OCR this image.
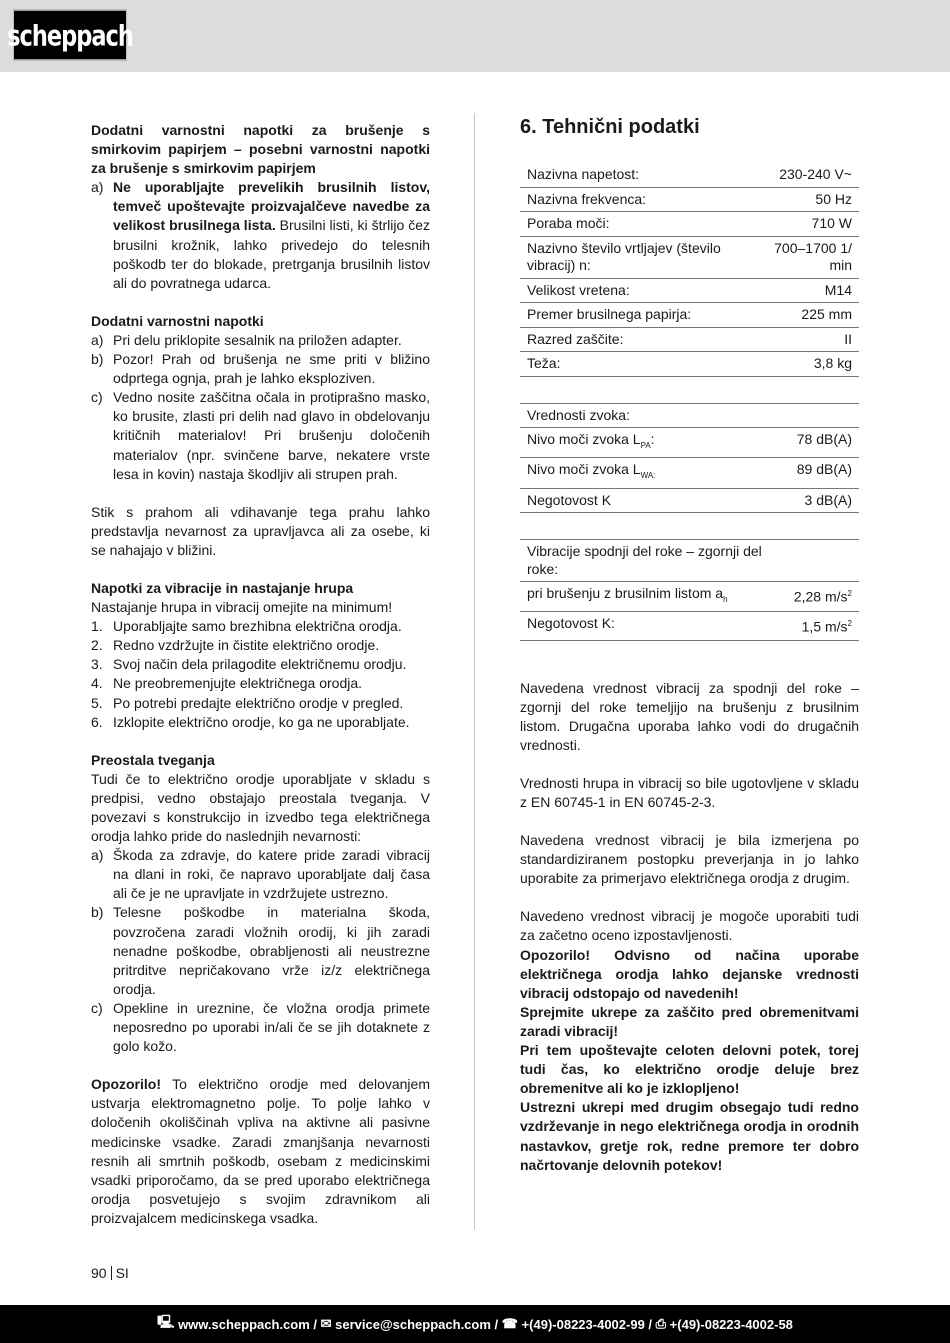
scheppach

Dodatni varnostni napotki za brušenje s smirkovim papirjem – posebni varnostni napotki za brušenje s smirkovim papirjem

a) Ne uporabljajte prevelikih brusilnih listov, temveč upoštevajte proizvajalčeve navedbe za velikost brusilnega lista. Brusilni listi, ki štrlijo čez brusilni krožnik, lahko privedejo do telesnih poškodb ter do blokade, pretrganja brusilnih listov ali do povratnega udarca.

Dodatni varnostni napotki

a) Pri delu priklopite sesalnik na priložen adapter.
b) Pozor! Prah od brušenja ne sme priti v bližino odprtega ognja, prah je lahko eksploziven.
c) Vedno nosite zaščitna očala in protiprašno masko, ko brusite, zlasti pri delih nad glavo in obdelovanju kritičnih materialov! Pri brušenju določenih materialov (npr. svinčene barve, nekatere vrste lesa in kovin) nastaja škodljiv ali strupen prah.

Stik s prahom ali vdihavanje tega prahu lahko predstavlja nevarnost za upravljavca ali za osebe, ki se nahajajo v bližini.

Napotki za vibracije in nastajanje hrupa

Nastajanje hrupa in vibracij omejite na minimum!

1. Uporabljajte samo brezhibna električna orodja.
2. Redno vzdržujte in čistite električno orodje.
3. Svoj način dela prilagodite električnemu orodju.
4. Ne preobremenjujte električnega orodja.
5. Po potrebi predajte električno orodje v pregled.
6. Izklopite električno orodje, ko ga ne uporabljate.

Preostala tveganja

Tudi če to električno orodje uporabljate v skladu s predpisi, vedno obstajajo preostala tveganja. V povezavi s konstrukcijo in izvedbo tega električnega orodja lahko pride do naslednjih nevarnosti:

a) Škoda za zdravje, do katere pride zaradi vibracij na dlani in roki, če napravo uporabljate dalj časa ali če je ne upravljate in vzdržujete ustrezno.
b) Telesne poškodbe in materialna škoda, povzročena zaradi vložnih orodij, ki jih zaradi nenadne poškodbe, obrabljenosti ali neustrezne pritrditve nepričakovano vrže iz/z električnega orodja.
c) Opekline in ureznine, če vložna orodja primete neposredno po uporabi in/ali če se jih dotaknete z golo kožo.

Opozorilo! To električno orodje med delovanjem ustvarja elektromagnetno polje. To polje lahko v določenih okoliščinah vpliva na aktivne ali pasivne medicinske vsadke. Zaradi zmanjšanja nevarnosti resnih ali smrtnih poškodb, osebam z medicinskimi vsadki priporočamo, da se pred uporabo električnega orodja posvetujejo s svojim zdravnikom ali proizvajalcem medicinskega vsadka.

6. Tehnični podatki
Nazivna napetost:	230-240 V~
Nazivna frekvenca:	50 Hz
Poraba moči:	710 W
Nazivno število vrtljajev (število vibracij) n:	700–1700 1/ min
Velikost vretena:	M14
Premer brusilnega papirja:	225 mm
Razred zaščite:	II
Teža:	3,8 kg
Vrednosti zvoka:	
Nivo moči zvoka $L_{PA}$:	78 dB(A)
Nivo moči zvoka $L_{WA:}$	89 dB(A)
Negotovost K	3 dB(A)
Vibracije spodnji del roke – zgornji del roke:	
pri brušenju z brusilnim listom $a_h$	2,28 $m/s^2$
Negotovost K:	1,5 $m/s^2$

Navedena vrednost vibracij za spodnji del roke – zgornji del roke temeljijo na brušenju z brusilnim listom. Drugačna uporaba lahko vodi do drugačnih vrednosti.

Vrednosti hrupa in vibracij so bile ugotovljene v skladu z EN 60745-1 in EN 60745-2-3.

Navedena vrednost vibracij je bila izmerjena po standardiziranem postopku preverjanja in jo lahko uporabite za primerjavo električnega orodja z drugim.

Navedeno vrednost vibracij je mogoče uporabiti tudi za začetno oceno izpostavljenosti.

Opozorilo! Odvisno od načina uporabe električnega orodja lahko dejanske vrednosti vibracij odstopajo od navedenih!

Sprejmite ukrepe za zaščito pred obremenitvami zaradi vibracij!

Pri tem upoštevajte celoten delovni potek, torej tudi čas, ko električno orodje deluje brez obremenitve ali ko je izklopljeno!

Ustrezni ukrepi med drugim obsegajo tudi redno vzdrževanje in nego električnega orodja in orodnih nastavkov, gretje rok, redne premore ter dobro načrtovanje delovnih potekov!

90 SI
🖳︎ www.scheppach.com / ✉︎ service@scheppach.com / ☎︎ +(49)-08223-4002-99 / ⎙ +(49)-08223-4002-58
